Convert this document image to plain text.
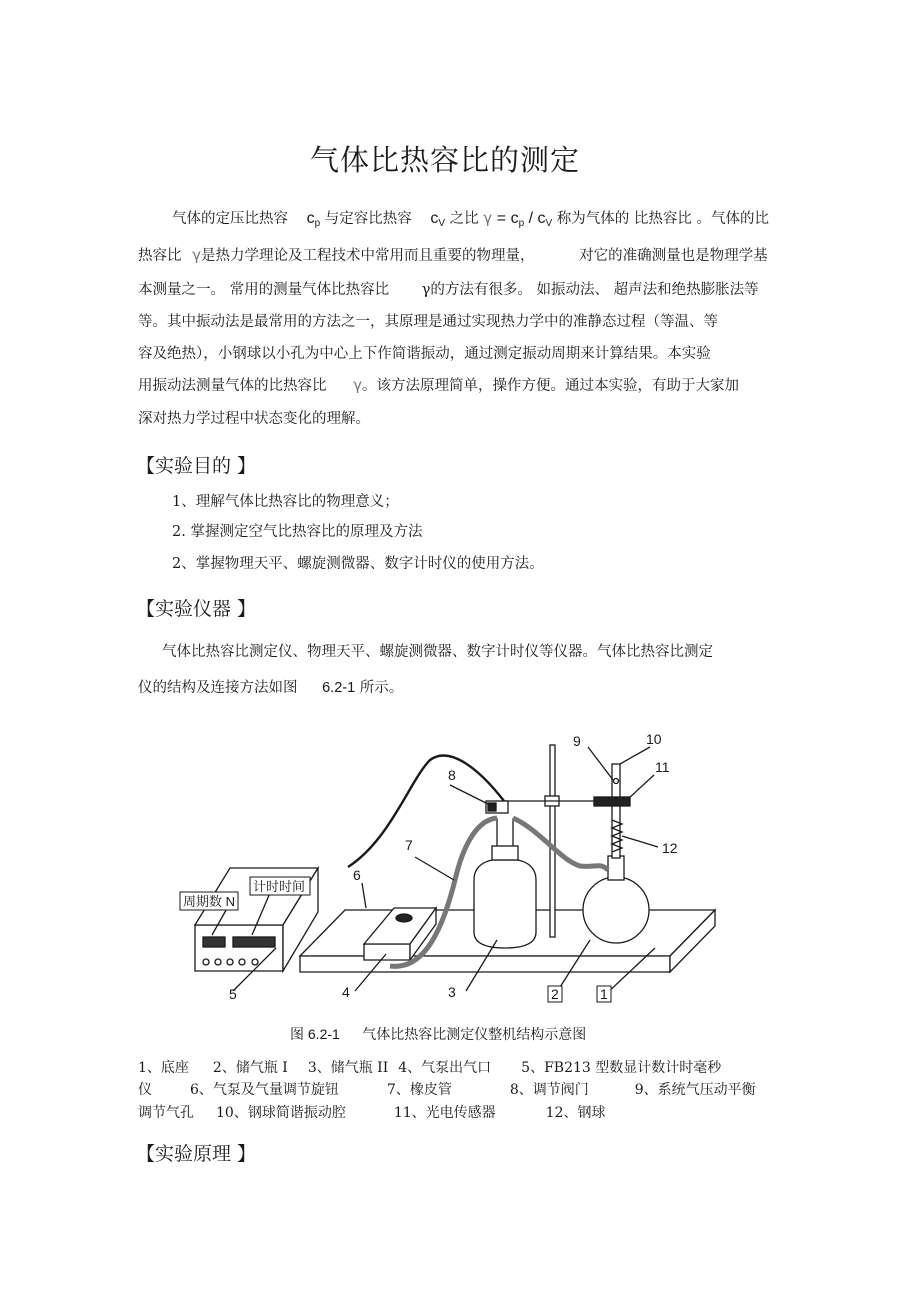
气体比热容比的测定
气体的定压比热容 $c_p$ 与定容比热容 $c_V$ 之比 $\gamma = c_p / c_V$ 称为气体的 比热容比 。气体的比
热容比 γ是热力学理论及工程技术中常用而且重要的物理量，	对它的准确测量也是物理学基
本测量之一。 常用的测量气体比热容比 γ的方法有很多。 如振动法、 超声法和绝热膨胀法等
等。其中振动法是最常用的方法之一，其原理是通过实现热力学中的准静态过程（等温、等
容及绝热），小钢球以小孔为中心上下作简谐振动，通过测定振动周期来计算结果。本实验
用振动法测量气体的比热容比 γ。该方法原理简单，操作方便。通过本实验，有助于大家加
深对热力学过程中状态变化的理解。
【实验目的 】
1、理解气体比热容比的物理意义；
2. 掌握测定空气比热容比的原理及方法
2、掌握物理天平、螺旋测微器、数字计时仪的使用方法。
【实验仪器 】
气体比热容比测定仪、物理天平、螺旋测微器、数字计时仪等仪器。气体比热容比测定
仪的结构及连接方法如图 6.2-1 所示。
周期数 N
计时时间
1
2
3
4
5
6
7
8
9	10
11
12
图 6.2-1 气体比热容比测定仪整机结构示意图
1、底座 2、储气瓶 I 3、储气瓶 II 4、气泵出气口 5、FB213 型数显计数计时毫秒
仪	6、气泵及气量调节旋钮	7、橡皮管	8、调节阀门	9、系统气压动平衡
调节气孔 10、钢球简谐振动腔	11、光电传感器	12、钢球
【实验原理 】
